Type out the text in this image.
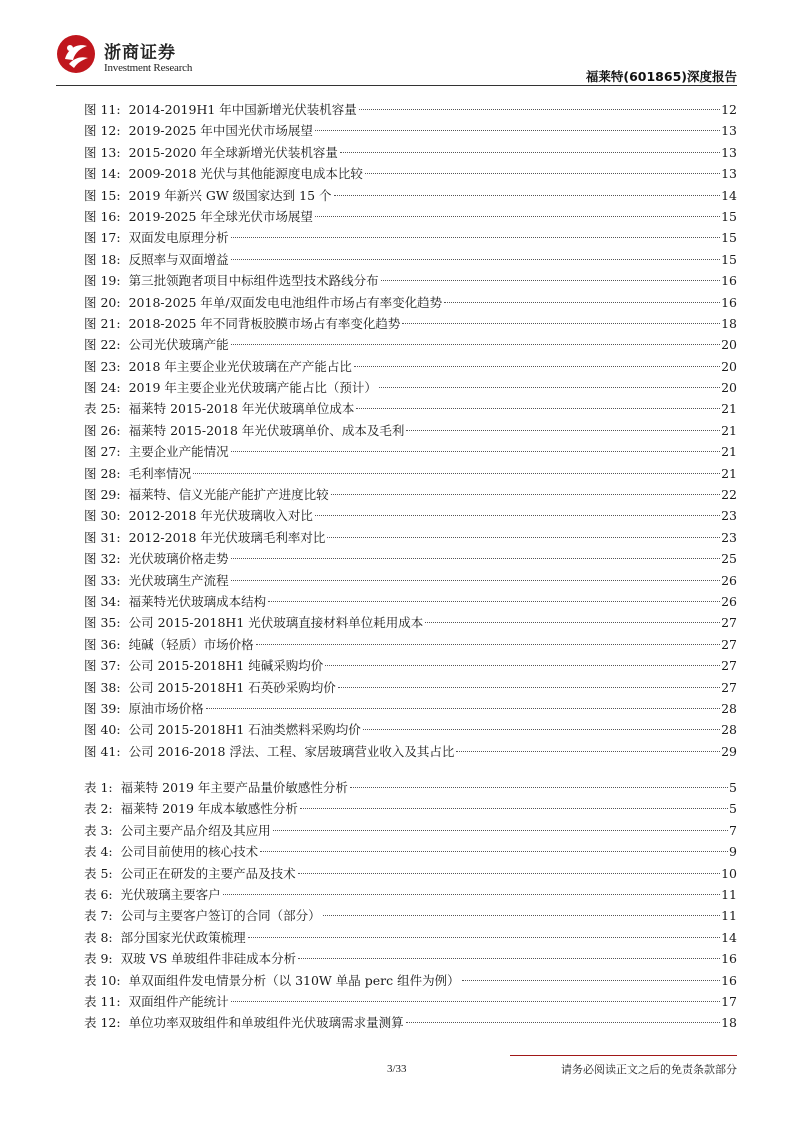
浙商证券
Investment Research
福莱特(601865)深度报告
图 11: 2014-2019H1 年中国新增光伏装机容量	12
图 12: 2019-2025 年中国光伏市场展望	13
图 13: 2015-2020 年全球新增光伏装机容量	13
图 14: 2009-2018 光伏与其他能源度电成本比较	13
图 15: 2019 年新兴 GW 级国家达到 15 个	14
图 16: 2019-2025 年全球光伏市场展望	15
图 17: 双面发电原理分析	15
图 18: 反照率与双面增益	15
图 19: 第三批领跑者项目中标组件选型技术路线分布	16
图 20: 2018-2025 年单/双面发电电池组件市场占有率变化趋势	16
图 21: 2018-2025 年不同背板胶膜市场占有率变化趋势	18
图 22: 公司光伏玻璃产能	20
图 23: 2018 年主要企业光伏玻璃在产产能占比	20
图 24: 2019 年主要企业光伏玻璃产能占比（预计）	20
表 25: 福莱特 2015-2018 年光伏玻璃单位成本	21
图 26: 福莱特 2015-2018 年光伏玻璃单价、成本及毛利	21
图 27: 主要企业产能情况	21
图 28: 毛利率情况	21
图 29: 福莱特、信义光能产能扩产进度比较	22
图 30: 2012-2018 年光伏玻璃收入对比	23
图 31: 2012-2018 年光伏玻璃毛利率对比	23
图 32: 光伏玻璃价格走势	25
图 33: 光伏玻璃生产流程	26
图 34: 福莱特光伏玻璃成本结构	26
图 35: 公司 2015-2018H1 光伏玻璃直接材料单位耗用成本	27
图 36: 纯碱（轻质）市场价格	27
图 37: 公司 2015-2018H1 纯碱采购均价	27
图 38: 公司 2015-2018H1 石英砂采购均价	27
图 39: 原油市场价格	28
图 40: 公司 2015-2018H1 石油类燃料采购均价	28
图 41: 公司 2016-2018 浮法、工程、家居玻璃营业收入及其占比	29
表 1: 福莱特 2019 年主要产品量价敏感性分析	5
表 2: 福莱特 2019 年成本敏感性分析	5
表 3: 公司主要产品介绍及其应用	7
表 4: 公司目前使用的核心技术	9
表 5: 公司正在研发的主要产品及技术	10
表 6: 光伏玻璃主要客户	11
表 7: 公司与主要客户签订的合同（部分）	11
表 8: 部分国家光伏政策梳理	14
表 9: 双玻 VS 单玻组件非硅成本分析	16
表 10: 单双面组件发电情景分析（以 310W 单晶 perc 组件为例）	16
表 11: 双面组件产能统计	17
表 12: 单位功率双玻组件和单玻组件光伏玻璃需求量测算	18
3/33	请务必阅读正文之后的免责条款部分
